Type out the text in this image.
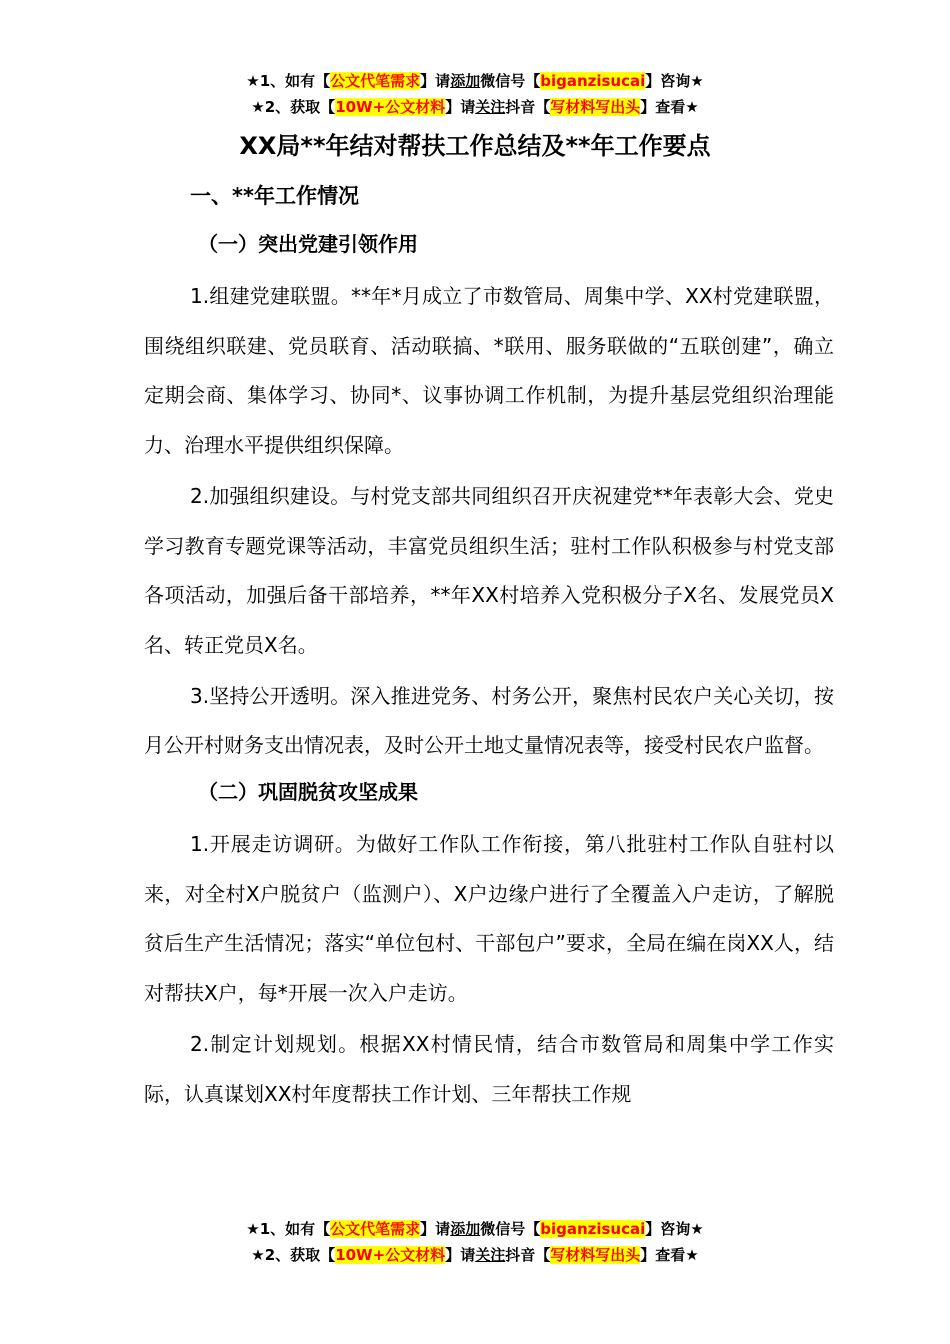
★1、如有【公文代笔需求】请添加微信号【biganzisucai】咨询★
★2、获取【10W+公文材料】请关注抖音【写材料写出头】查看★
XX局**年结对帮扶工作总结及**年工作要点
一、**年工作情况
（一）突出党建引领作用

1.组建党建联盟。**年*月成立了市数管局、周集中学、XX村党建联盟，围绕组织联建、党员联育、活动联搞、*联用、服务联做的“五联创建”，确立定期会商、集体学习、协同*、议事协调工作机制，为提升基层党组织治理能力、治理水平提供组织保障。

2.加强组织建设。与村党支部共同组织召开庆祝建党**年表彰大会、党史学习教育专题党课等活动，丰富党员组织生活；驻村工作队积极参与村党支部各项活动，加强后备干部培养，**年XX村培养入党积极分子X名、发展党员X名、转正党员X名。

3.坚持公开透明。深入推进党务、村务公开，聚焦村民农户关心关切，按月公开村财务支出情况表，及时公开土地丈量情况表等，接受村民农户监督。

（二）巩固脱贫攻坚成果

1.开展走访调研。为做好工作队工作衔接，第八批驻村工作队自驻村以来，对全村X户脱贫户（监测户）、X户边缘户进行了全覆盖入户走访，了解脱贫后生产生活情况；落实“单位包村、干部包户”要求，全局在编在岗XX人，结对帮扶X户，每*开展一次入户走访。

2.制定计划规划。根据XX村情民情，结合市数管局和周集中学工作实际，认真谋划XX村年度帮扶工作计划、三年帮扶工作规

★1、如有【公文代笔需求】请添加微信号【biganzisucai】咨询★
★2、获取【10W+公文材料】请关注抖音【写材料写出头】查看★
